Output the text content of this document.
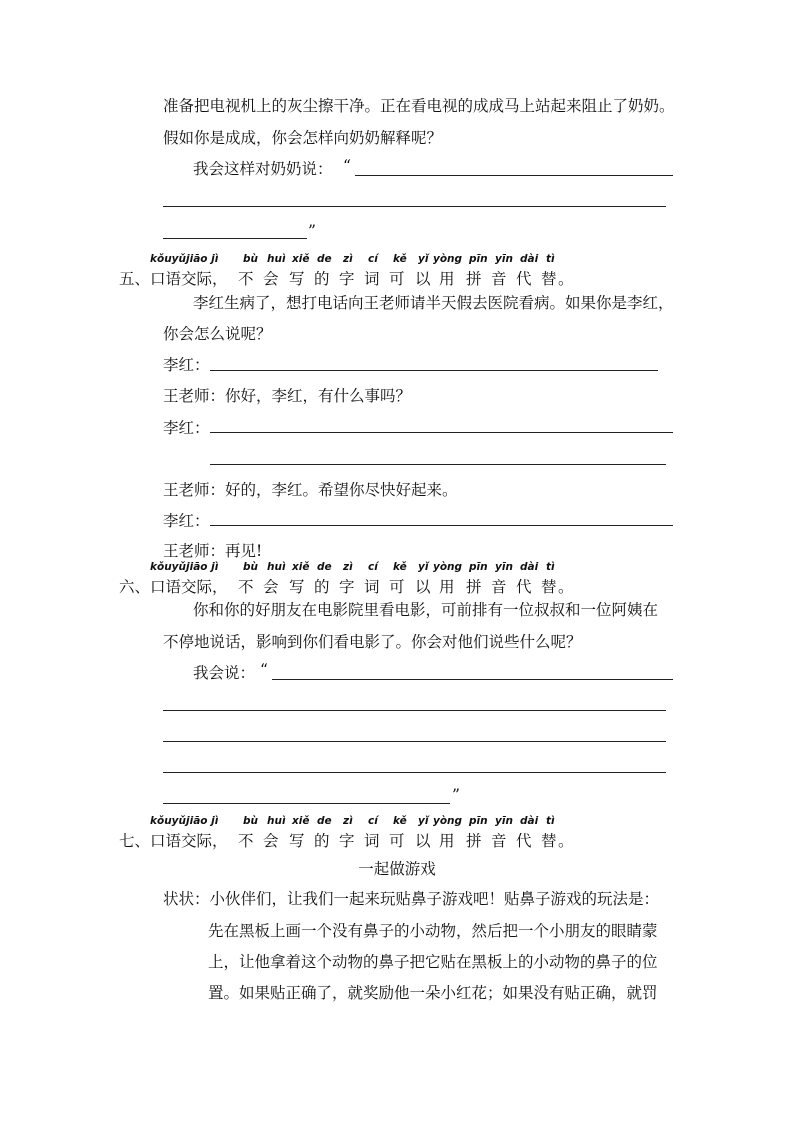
准备把电视机上的灰尘擦干净。正在看电视的成成马上站起来阻止了奶奶。
假如你是成成，你会怎样向奶奶解释呢？
我会这样对奶奶说： “
”
五、
kǒuyǔjiāo jì bù huì xiě de zì cí kě yǐ yòng pīn yīn dài tì
口语交际 ， 不 会 写 的 字 词 可 以 用 拼 音 代 替 。
李红生病了，想打电话向王老师请半天假去医院看病。如果你是李红，
你会怎么说呢？
李红：
王老师：你好，李红，有什么事吗？
李红：
王老师：好的，李红。希望你尽快好起来。
李红：
王老师：再见!
六、
kǒuyǔjiāo jì bù huì xiě de zì cí kě yǐ yòng pīn yīn dài tì
口语交际 ， 不 会 写 的 字 词 可 以 用 拼 音 代 替 。
你和你的好朋友在电影院里看电影，可前排有一位叔叔和一位阿姨在
不停地说话，影响到你们看电影了。你会对他们说些什么呢？
我会说： “
”
七、
kǒuyǔjiāo jì bù huì xiě de zì cí kě yǐ yòng pīn yīn dài tì
口语交际 ， 不 会 写 的 字 词 可 以 用 拼 音 代 替 。
一起做游戏
状状：小伙伴们，让我们一起来玩贴鼻子游戏吧！贴鼻子游戏的玩法是：
先在黑板上画一个没有鼻子的小动物，然后把一个小朋友的眼睛蒙
上，让他拿着这个动物的鼻子把它贴在黑板上的小动物的鼻子的位
置。如果贴正确了，就奖励他一朵小红花；如果没有贴正确，就罚
